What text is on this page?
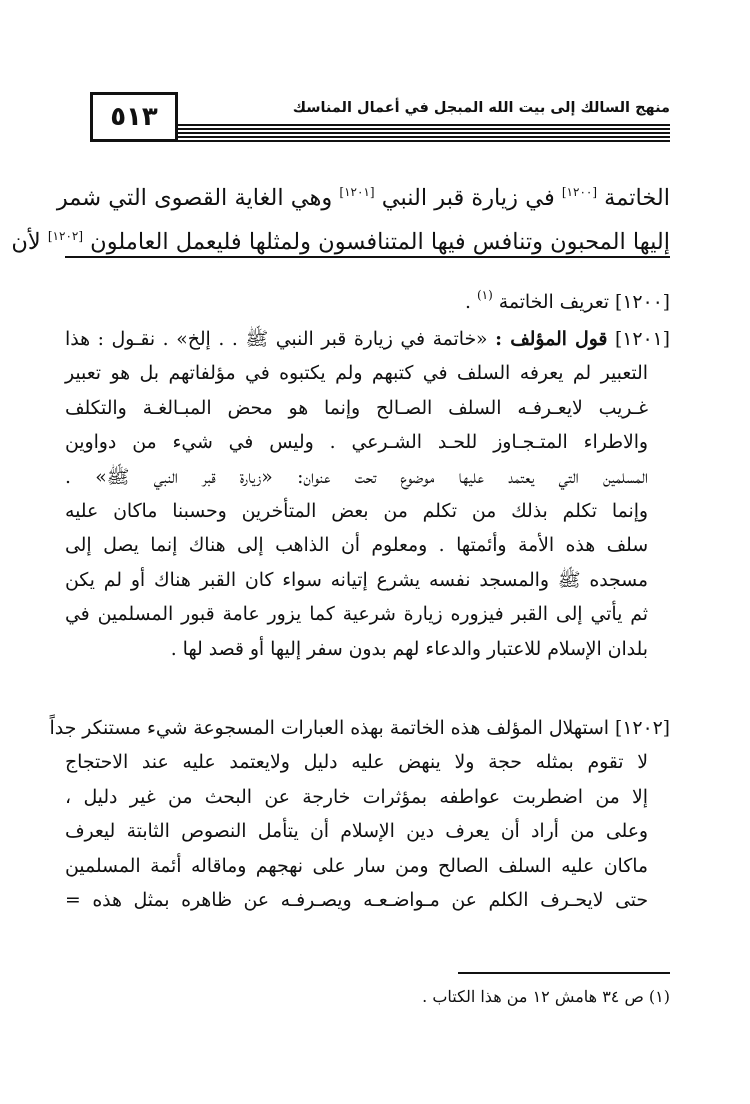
٥١٣	منهج السالك إلى بيت الله المبجل في أعمال المناسك
الخاتمة [١٢٠٠] في زيارة قبر النبي [١٢٠١] وهي الغاية القصوى التي شمر
إليها المحبون وتنافس فيها المتنافسون ولمثلها فليعمل العاملون [١٢٠٢] لأن
[١٢٠٠] تعريف الخاتمة $^{(١)}$ .
[١٢٠١] قول المؤلف : «خاتمة في زيارة قبر النبي ﷺ . . إلخ» . نقـول : هذا
التعبير لم يعرفه السلف في كتبهم ولم يكتبوه في مؤلفاتهم بل هو تعبير
غـريب لايعـرفـه السلف الصـالح وإنما هو محض المبـالغـة والتكلف
والاطراء المتـجـاوز للحـد الشـرعي . وليس في شيء من دواوين
المسلمين التي يعتمد عليها موضوع تحت عنوان: «زيارة قبر النبي ﷺ» .
وإنما تكلم بذلك من تكلم من بعض المتأخرين وحسبنا ماكان عليه
سلف هذه الأمة وأئمتها . ومعلوم أن الذاهب إلى هناك إنما يصل إلى
مسجده ﷺ والمسجد نفسه يشرع إتيانه سواء كان القبر هناك أو لم يكن
ثم يأتي إلى القبر فيزوره زيارة شرعية كما يزور عامة قبور المسلمين في
بلدان الإسلام للاعتبار والدعاء لهم بدون سفر إليها أو قصد لها .
[١٢٠٢] استهلال المؤلف هذه الخاتمة بهذه العبارات المسجوعة شيء مستنكر جداً
لا تقوم بمثله حجة ولا ينهض عليه دليل ولايعتمد عليه عند الاحتجاج
إلا من اضطربت عواطفه بمؤثرات خارجة عن البحث من غير دليل ،
وعلى من أراد أن يعرف دين الإسلام أن يتأمل النصوص الثابتة ليعرف
ماكان عليه السلف الصالح ومن سار على نهجهم وماقاله أئمة المسلمين
حتى لايحـرف الكلم عن مـواضـعـه ويصـرفـه عن ظاهره بمثل هذه =
(١) ص ٣٤ هامش ١٢ من هذا الكتاب .
